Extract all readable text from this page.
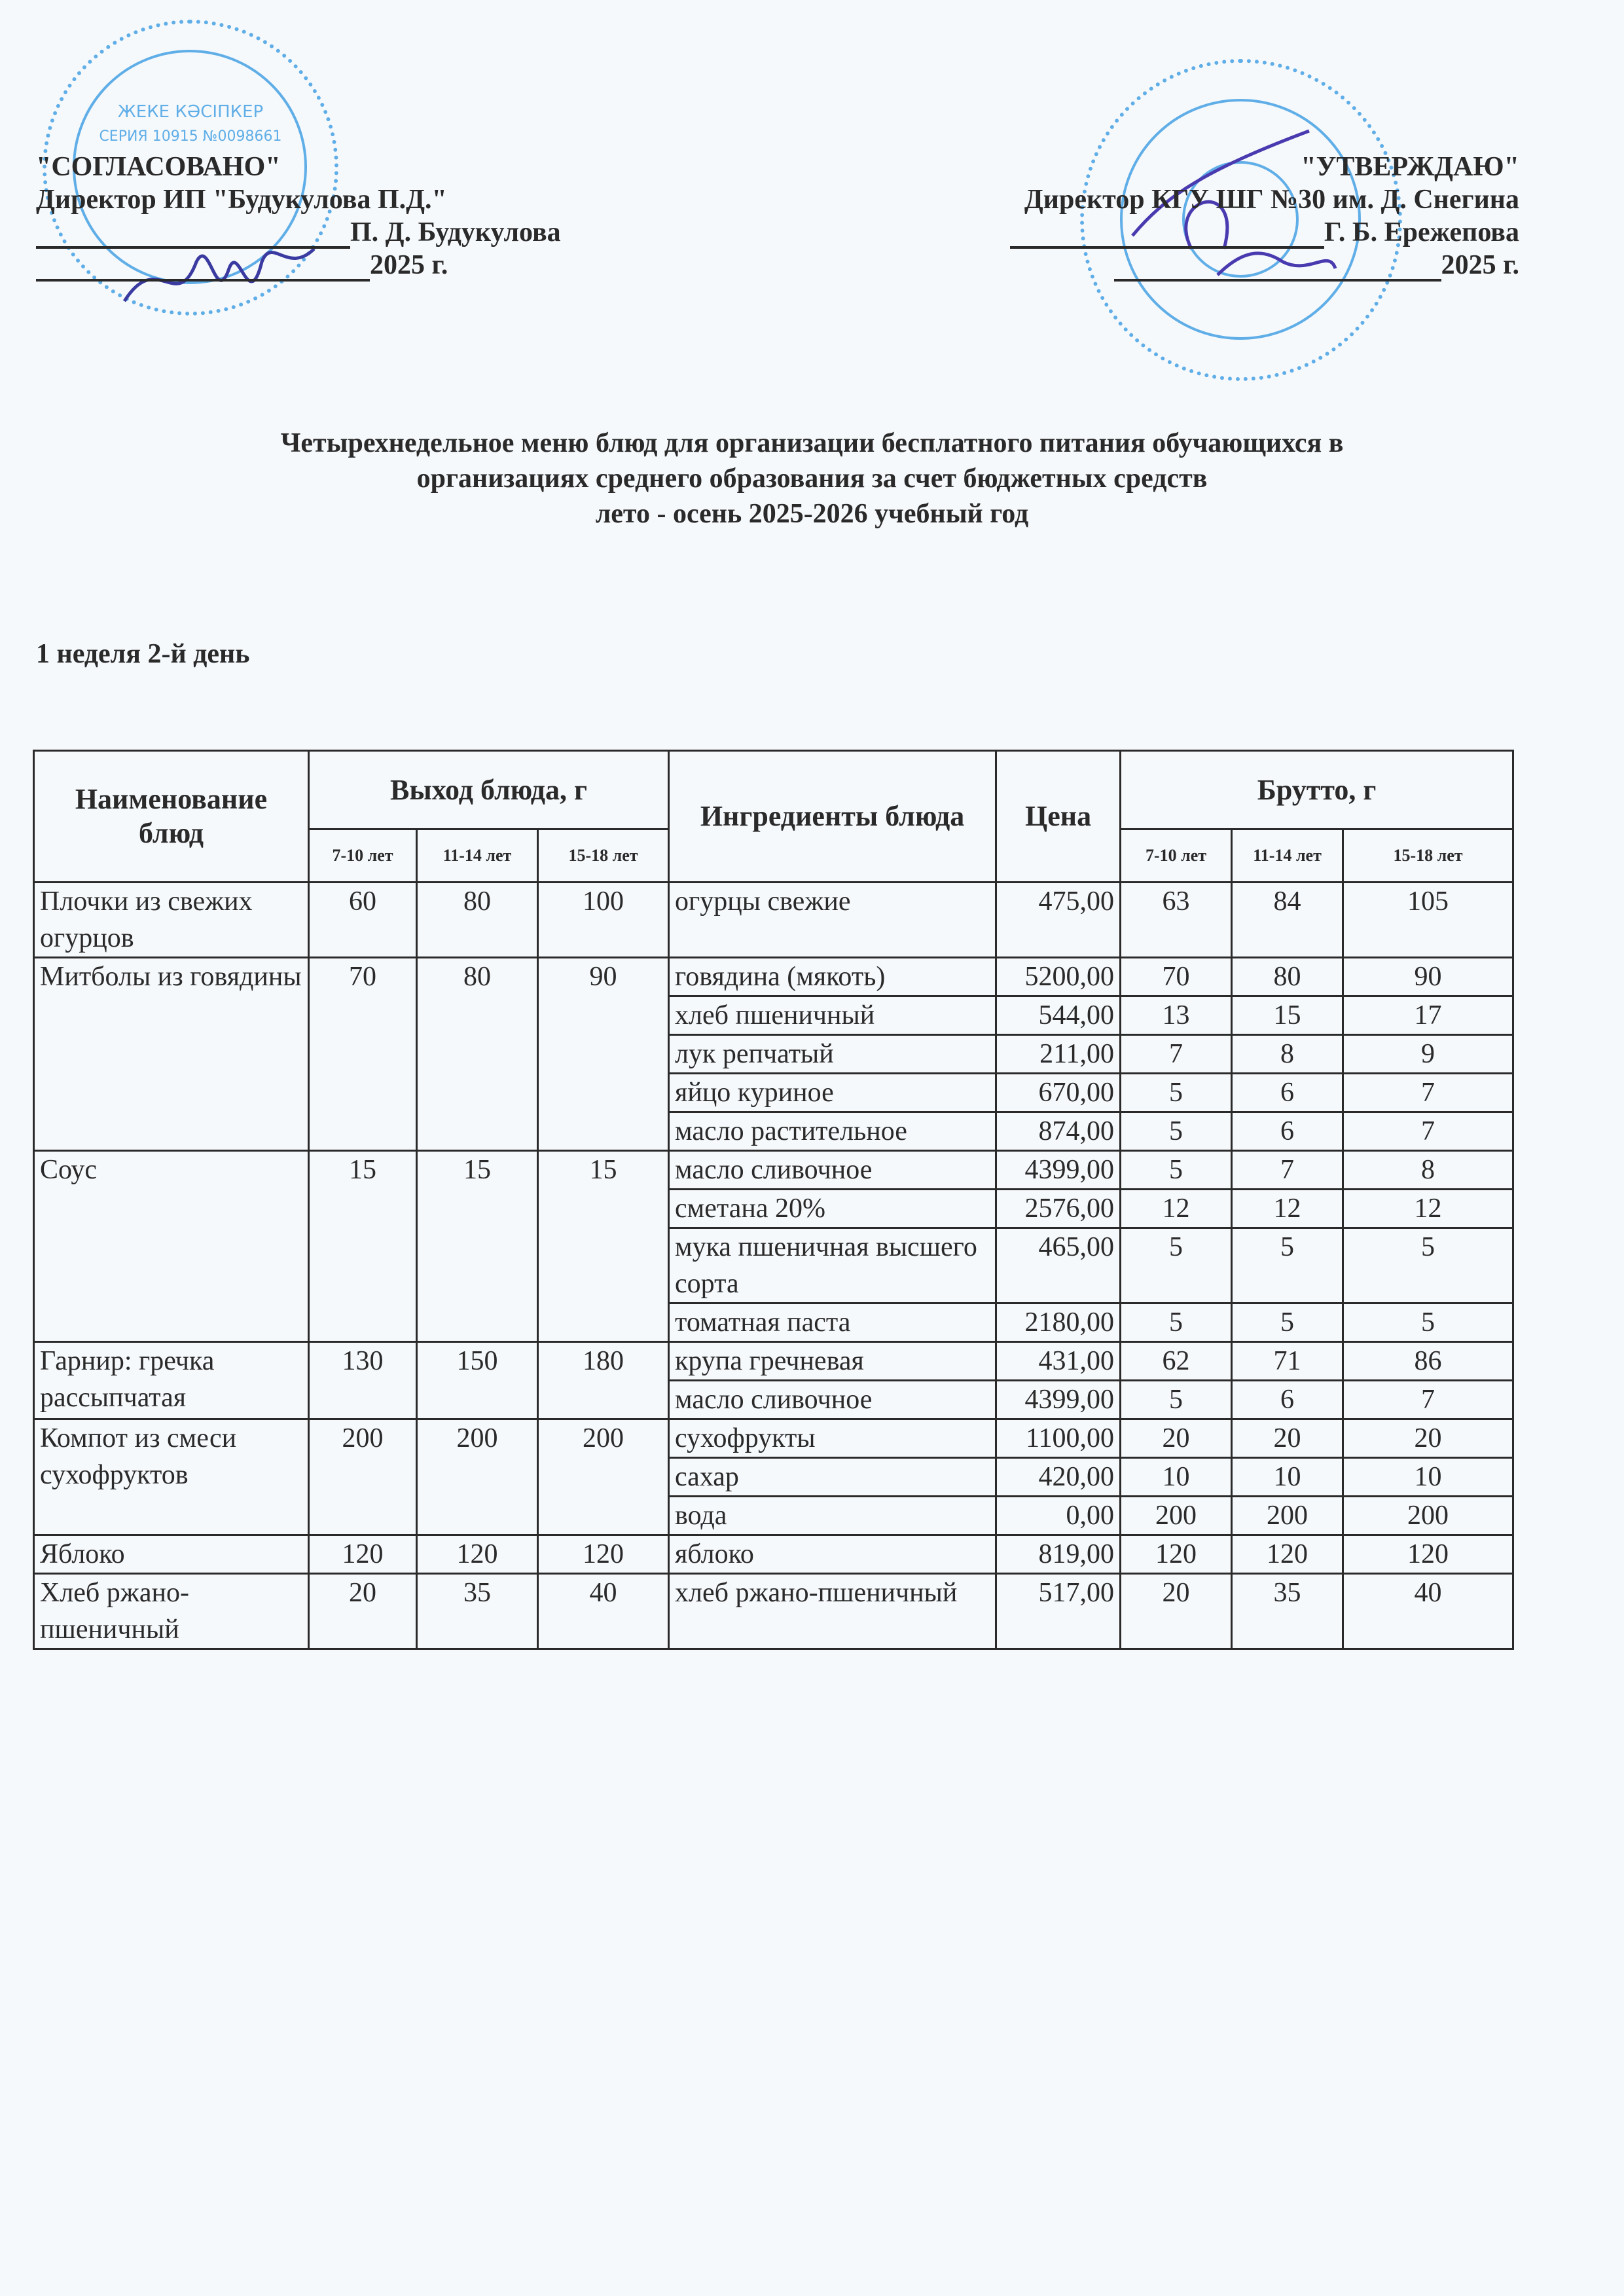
ЖЕКЕ КӘСІПКЕР
СЕРИЯ 10915 №0098661
"СОГЛАСОВАНО"
Директор ИП "Будукулова П.Д."
П. Д. Будукулова
2025 г.
"УТВЕРЖДАЮ"
Директор КГУ ШГ №30 им. Д. Снегина
Г. Б. Ережепова
2025 г.
Четырехнедельное меню блюд для организации бесплатного питания обучающихся в
организациях среднего образования за счет бюджетных средств
лето - осень 2025-2026 учебный год
1 неделя 2-й день
Наименование блюд	Выход блюда, г			Ингредиенты блюда	Цена	Брутто, г		
	7-10 лет	11-14 лет	15-18 лет			7-10 лет	11-14 лет	15-18 лет
Плочки из свежих огурцов	60	80	100	огурцы свежие	475,00	63	84	105
Митболы из говядины	70	80	90	говядина (мякоть)	5200,00	70	80	90
				хлеб пшеничный	544,00	13	15	17
				лук репчатый	211,00	7	8	9
				яйцо куриное	670,00	5	6	7
				масло растительное	874,00	5	6	7
Соус	15	15	15	масло сливочное	4399,00	5	7	8
				сметана 20%	2576,00	12	12	12
				мука пшеничная высшего сорта	465,00	5	5	5
				томатная паста	2180,00	5	5	5
Гарнир: гречка рассыпчатая	130	150	180	крупа гречневая	431,00	62	71	86
				масло сливочное	4399,00	5	6	7
Компот из смеси сухофруктов	200	200	200	сухофрукты	1100,00	20	20	20
				сахар	420,00	10	10	10
				вода	0,00	200	200	200
Яблоко	120	120	120	яблоко	819,00	120	120	120
Хлеб ржано-пшеничный	20	35	40	хлеб ржано-пшеничный	517,00	20	35	40
